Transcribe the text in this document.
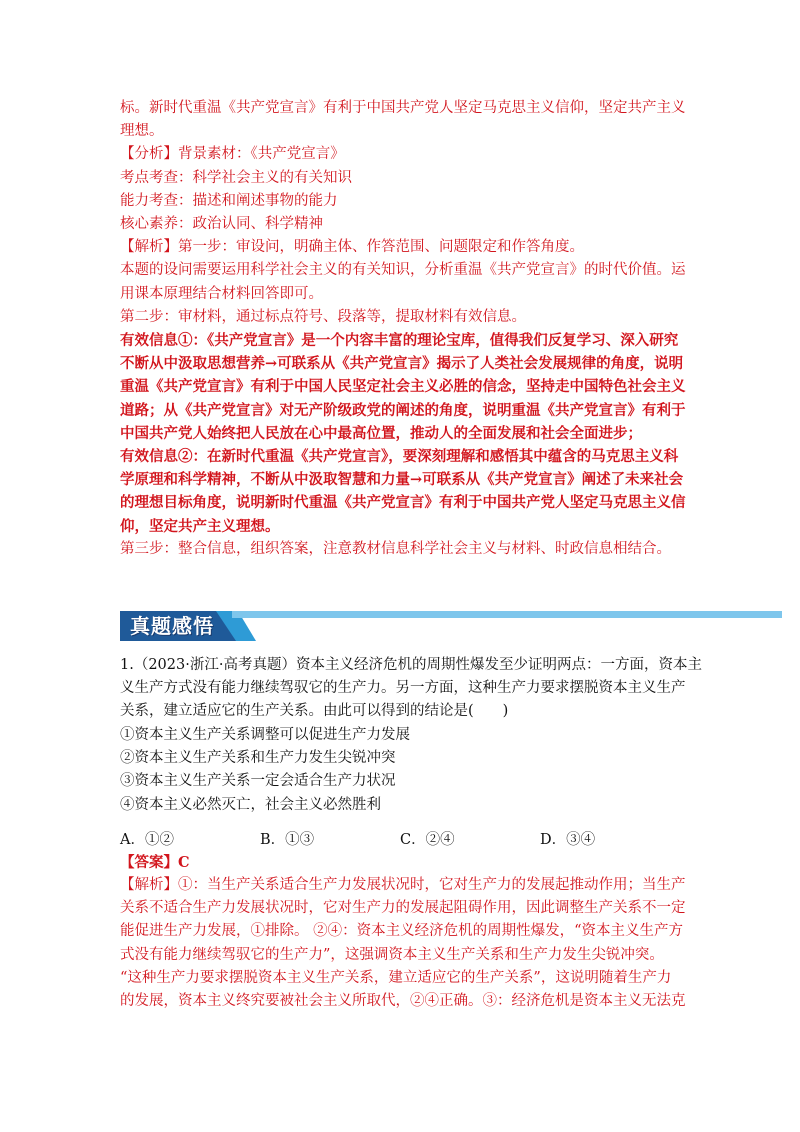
标。新时代重温《共产党宣言》有利于中国共产党人坚定马克思主义信仰，坚定共产主义

理想。

【分析】背景素材：《共产党宣言》

考点考查：科学社会主义的有关知识

能力考查：描述和阐述事物的能力

核心素养：政治认同、科学精神

【解析】第一步：审设问，明确主体、作答范围、问题限定和作答角度。

本题的设问需要运用科学社会主义的有关知识，分析重温《共产党宣言》的时代价值。运

用课本原理结合材料回答即可。

第二步：审材料，通过标点符号、段落等，提取材料有效信息。

有效信息①：《共产党宣言》是一个内容丰富的理论宝库，值得我们反复学习、深入研究

不断从中汲取思想营养→可联系从《共产党宣言》揭示了人类社会发展规律的角度，说明

重温《共产党宣言》有利于中国人民坚定社会主义必胜的信念，坚持走中国特色社会主义

道路；从《共产党宣言》对无产阶级政党的阐述的角度，说明重温《共产党宣言》有利于

中国共产党人始终把人民放在心中最高位置，推动人的全面发展和社会全面进步；

有效信息②：在新时代重温《共产党宣言》，要深刻理解和感悟其中蕴含的马克思主义科

学原理和科学精神，不断从中汲取智慧和力量→可联系从《共产党宣言》阐述了未来社会

的理想目标角度，说明新时代重温《共产党宣言》有利于中国共产党人坚定马克思主义信

仰，坚定共产主义理想。

第三步：整合信息，组织答案，注意教材信息科学社会主义与材料、时政信息相结合。

真题感悟

1.（2023·浙江·高考真题）资本主义经济危机的周期性爆发至少证明两点：一方面，资本主

义生产方式没有能力继续驾驭它的生产力。另一方面，这种生产力要求摆脱资本主义生产

关系，建立适应它的生产关系。由此可以得到的结论是(　　)

①资本主义生产关系调整可以促进生产力发展

②资本主义生产关系和生产力发生尖锐冲突

③资本主义生产关系一定会适合生产力状况

④资本主义必然灭亡，社会主义必然胜利

A．①②	B．①③	C．②④	D．③④

【答案】C

【解析】①：当生产关系适合生产力发展状况时，它对生产力的发展起推动作用；当生产

关系不适合生产力发展状况时，它对生产力的发展起阻碍作用，因此调整生产关系不一定

能促进生产力发展，①排除。 ②④：资本主义经济危机的周期性爆发，“资本主义生产方

式没有能力继续驾驭它的生产力”，这强调资本主义生产关系和生产力发生尖锐冲突。

“这种生产力要求摆脱资本主义生产关系，建立适应它的生产关系”，这说明随着生产力

的发展，资本主义终究要被社会主义所取代，②④正确。③：经济危机是资本主义无法克
